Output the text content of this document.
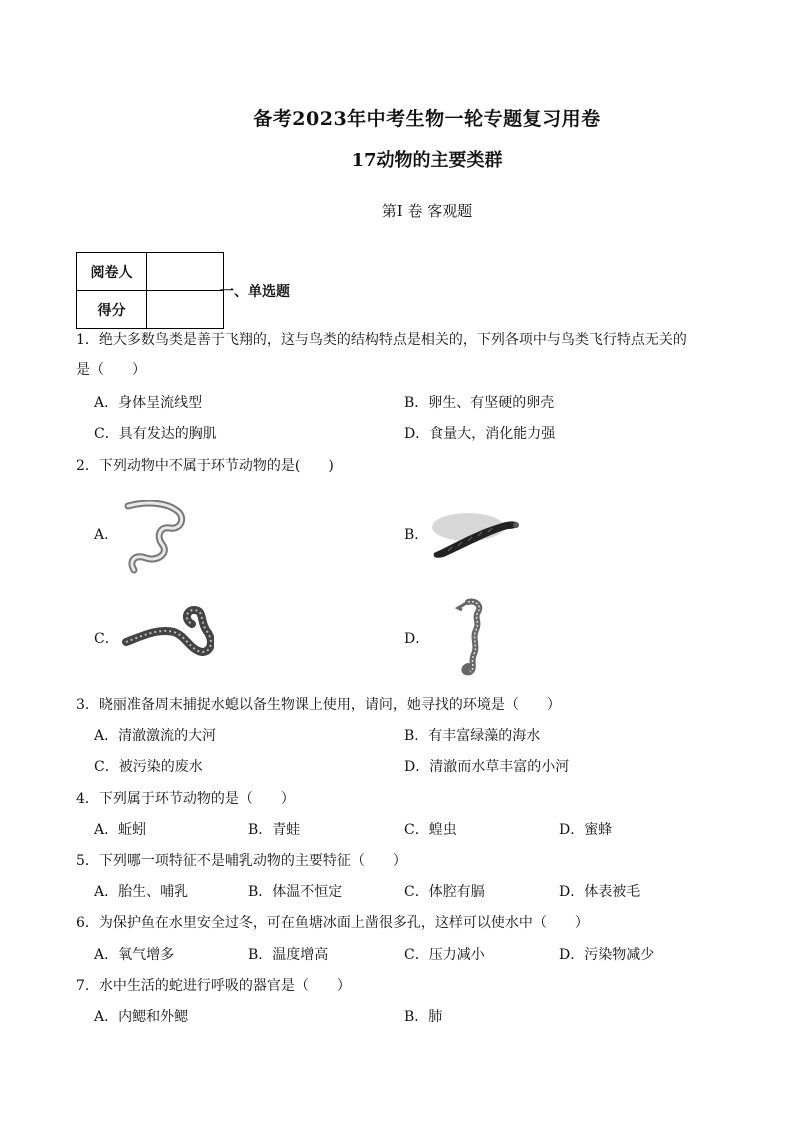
备考2023年中考生物一轮专题复习用卷
17动物的主要类群
第Ⅰ 卷 客观题
阅卷人	
得分	
一、单选题
1．绝大多数鸟类是善于飞翔的，这与鸟类的结构特点是相关的，下列各项中与鸟类飞行特点无关的
是（　　）
A．身体呈流线型	B．卵生、有坚硬的卵壳
C．具有发达的胸肌	D．食量大，消化能力强
2．下列动物中不属于环节动物的是(　　)
A．	B．
C．	D．
3．晓丽准备周末捕捉水螅以备生物课上使用，请问，她寻找的环境是（　　）
A．清澈激流的大河	B．有丰富绿藻的海水
C．被污染的废水	D．清澈而水草丰富的小河
4．下列属于环节动物的是（　　）
A．蚯蚓	B．青蛙	C．蝗虫	D．蜜蜂
5．下列哪一项特征不是哺乳动物的主要特征（　　）
A．胎生、哺乳	B．体温不恒定	C．体腔有膈	D．体表被毛
6．为保护鱼在水里安全过冬，可在鱼塘冰面上凿很多孔，这样可以使水中（　　）
A．氧气增多	B．温度增高	C．压力减小	D．污染物减少
7．水中生活的蛇进行呼吸的器官是（　　）
A．内鳃和外鳃	B．肺
